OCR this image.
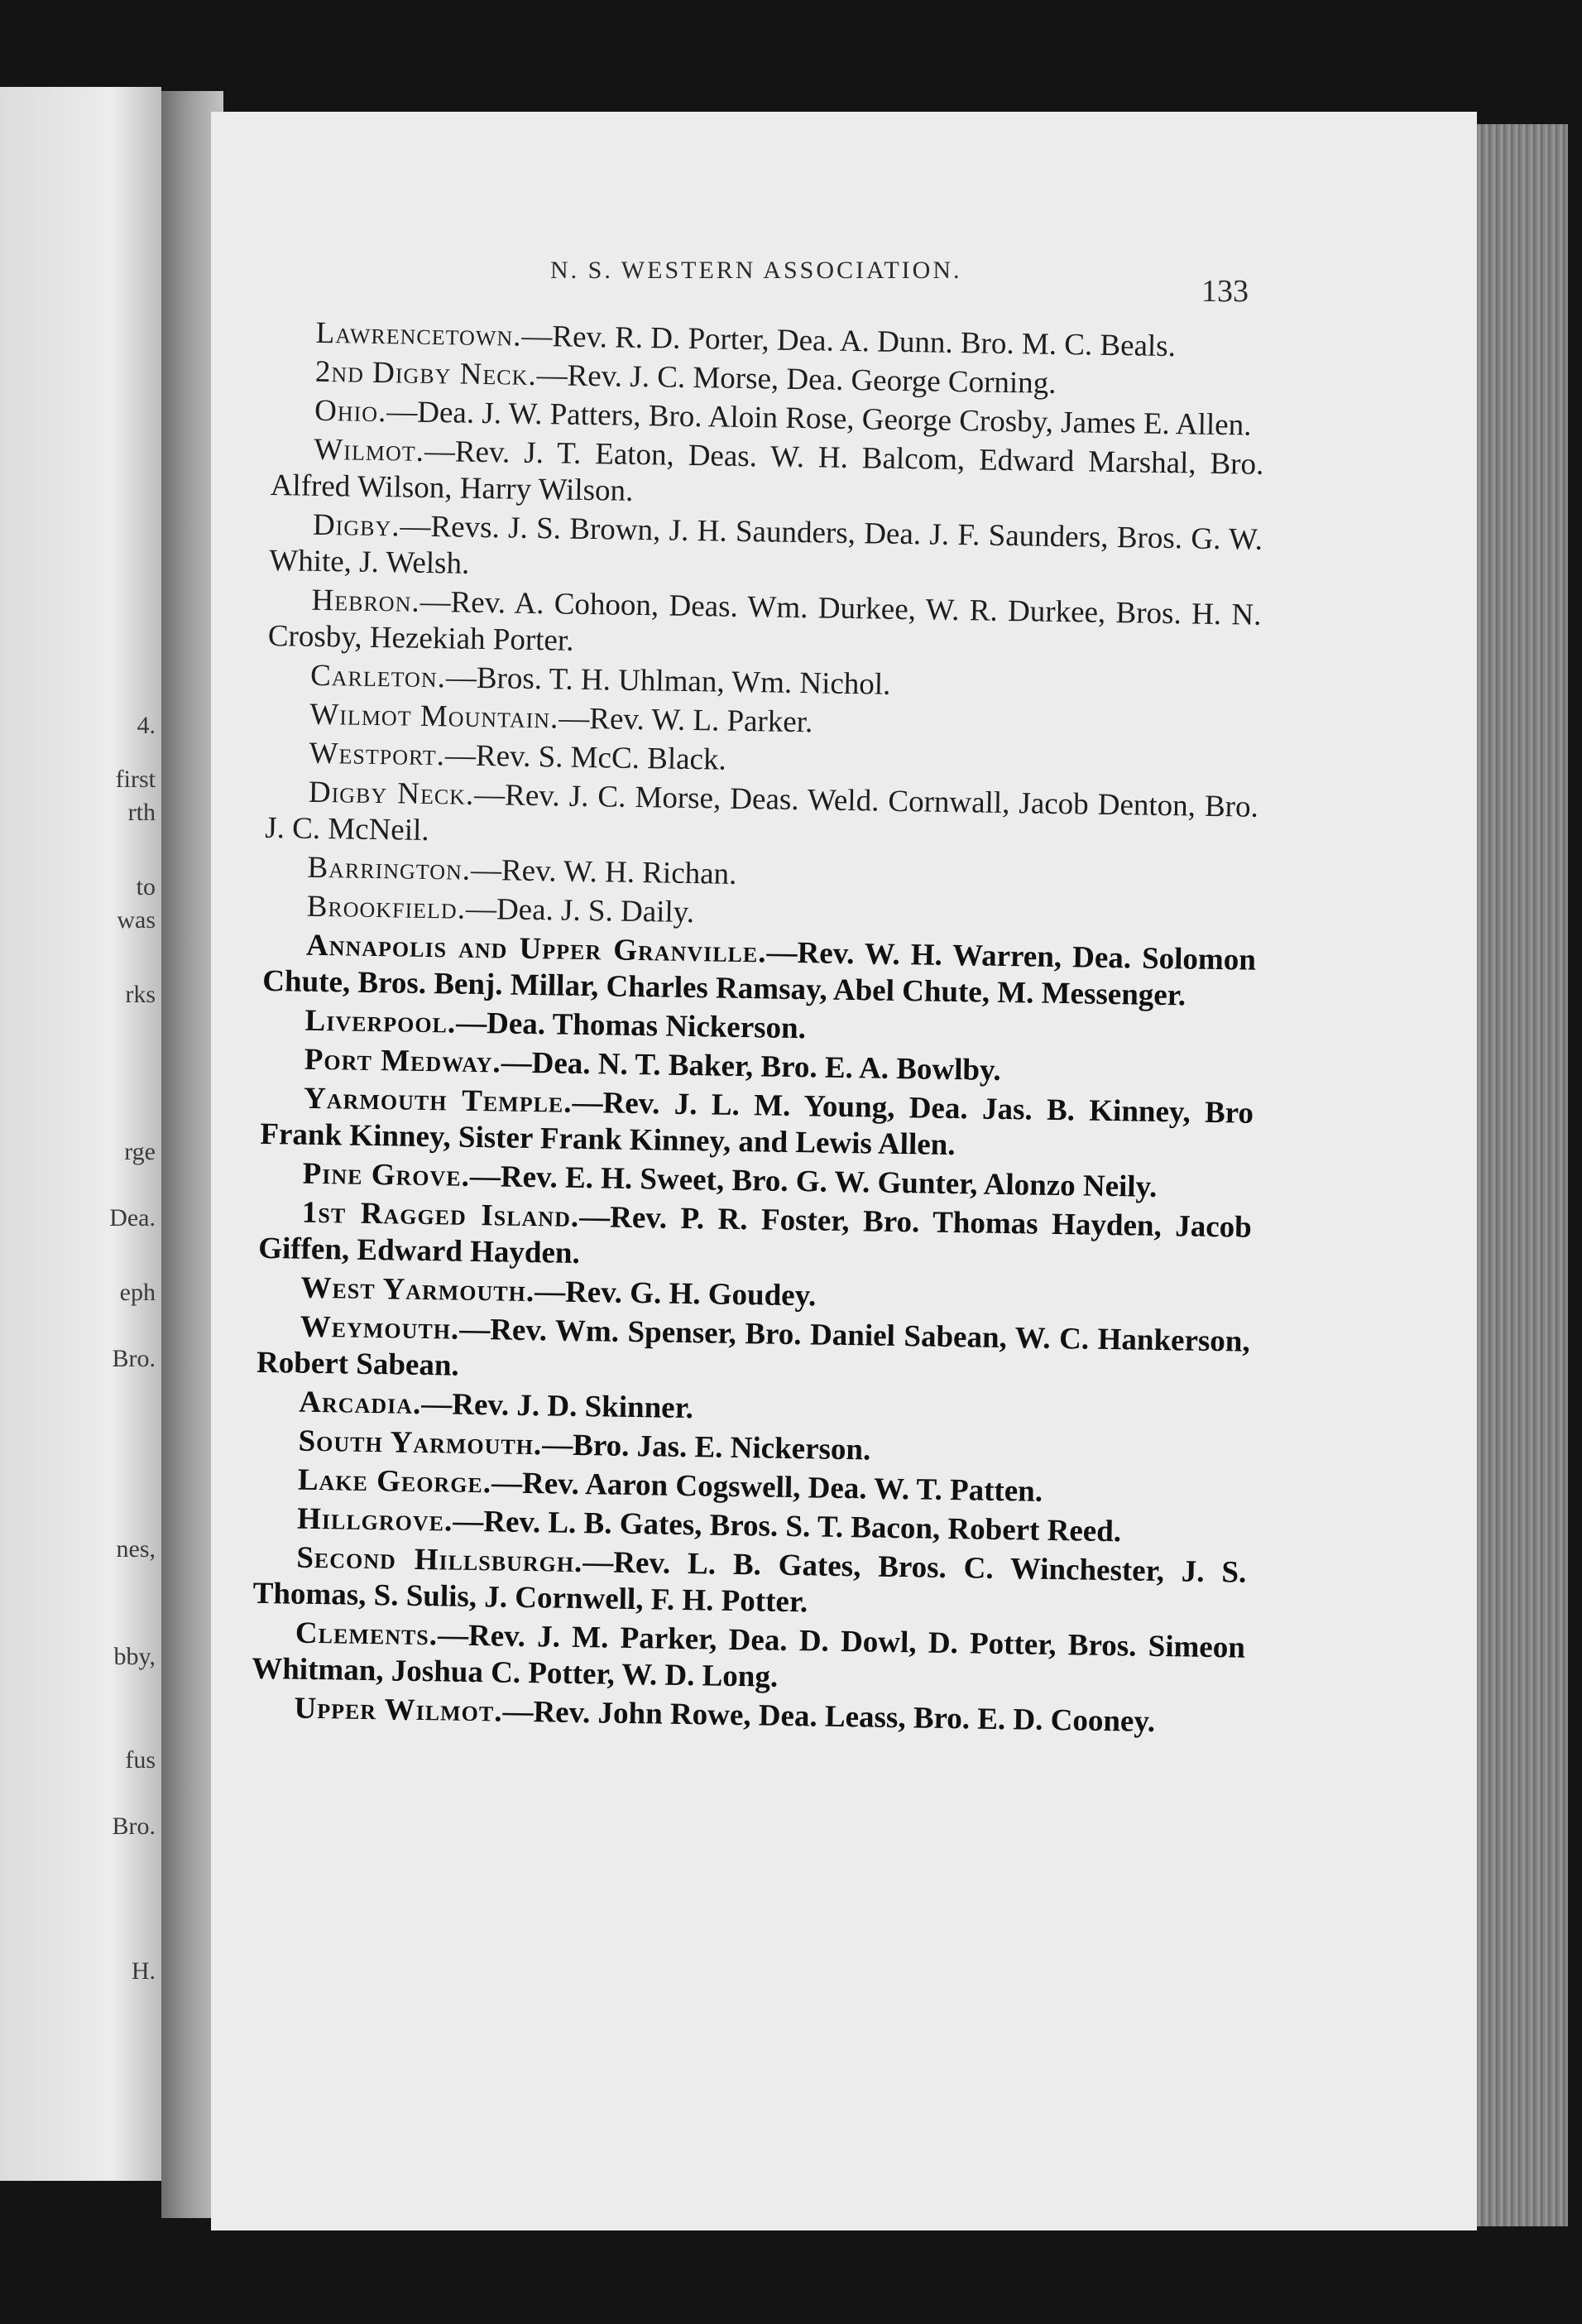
4.
first
rth
to
was
rks
rge
Dea.
eph
Bro.
nes,
bby,
fus
Bro.
H.
N. S. WESTERN ASSOCIATION.
133

Lawrencetown.—Rev. R. D. Porter, Dea. A. Dunn. Bro. M. C. Beals.

2nd Digby Neck.—Rev. J. C. Morse, Dea. George Corning.

Ohio.—Dea. J. W. Patters, Bro. Aloin Rose, George Crosby, James E. Allen.

Wilmot.—Rev. J. T. Eaton, Deas. W. H. Balcom, Edward Marshal, Bro. Alfred Wilson, Harry Wilson.

Digby.—Revs. J. S. Brown, J. H. Saunders, Dea. J. F. Saunders, Bros. G. W. White, J. Welsh.

Hebron.—Rev. A. Cohoon, Deas. Wm. Durkee, W. R. Durkee, Bros. H. N. Crosby, Hezekiah Porter.

Carleton.—Bros. T. H. Uhlman, Wm. Nichol.

Wilmot Mountain.—Rev. W. L. Parker.

Westport.—Rev. S. McC. Black.

Digby Neck.—Rev. J. C. Morse, Deas. Weld. Cornwall, Jacob Denton, Bro. J. C. McNeil.

Barrington.—Rev. W. H. Richan.

Brookfield.—Dea. J. S. Daily.

Annapolis and Upper Granville.—Rev. W. H. Warren, Dea. Solomon Chute, Bros. Benj. Millar, Charles Ramsay, Abel Chute, M. Messenger.

Liverpool.—Dea. Thomas Nickerson.

Port Medway.—Dea. N. T. Baker, Bro. E. A. Bowlby.

Yarmouth Temple.—Rev. J. L. M. Young, Dea. Jas. B. Kinney, Bro Frank Kinney, Sister Frank Kinney, and Lewis Allen.

Pine Grove.—Rev. E. H. Sweet, Bro. G. W. Gunter, Alonzo Neily.

1st Ragged Island.—Rev. P. R. Foster, Bro. Thomas Hayden, Jacob Giffen, Edward Hayden.

West Yarmouth.—Rev. G. H. Goudey.

Weymouth.—Rev. Wm. Spenser, Bro. Daniel Sabean, W. C. Hankerson, Robert Sabean.

Arcadia.—Rev. J. D. Skinner.

South Yarmouth.—Bro. Jas. E. Nickerson.

Lake George.—Rev. Aaron Cogswell, Dea. W. T. Patten.

Hillgrove.—Rev. L. B. Gates, Bros. S. T. Bacon, Robert Reed.

Second Hillsburgh.—Rev. L. B. Gates, Bros. C. Winchester, J. S. Thomas, S. Sulis, J. Cornwell, F. H. Potter.

Clements.—Rev. J. M. Parker, Dea. D. Dowl, D. Potter, Bros. Simeon Whitman, Joshua C. Potter, W. D. Long.

Upper Wilmot.—Rev. John Rowe, Dea. Leass, Bro. E. D. Cooney.
